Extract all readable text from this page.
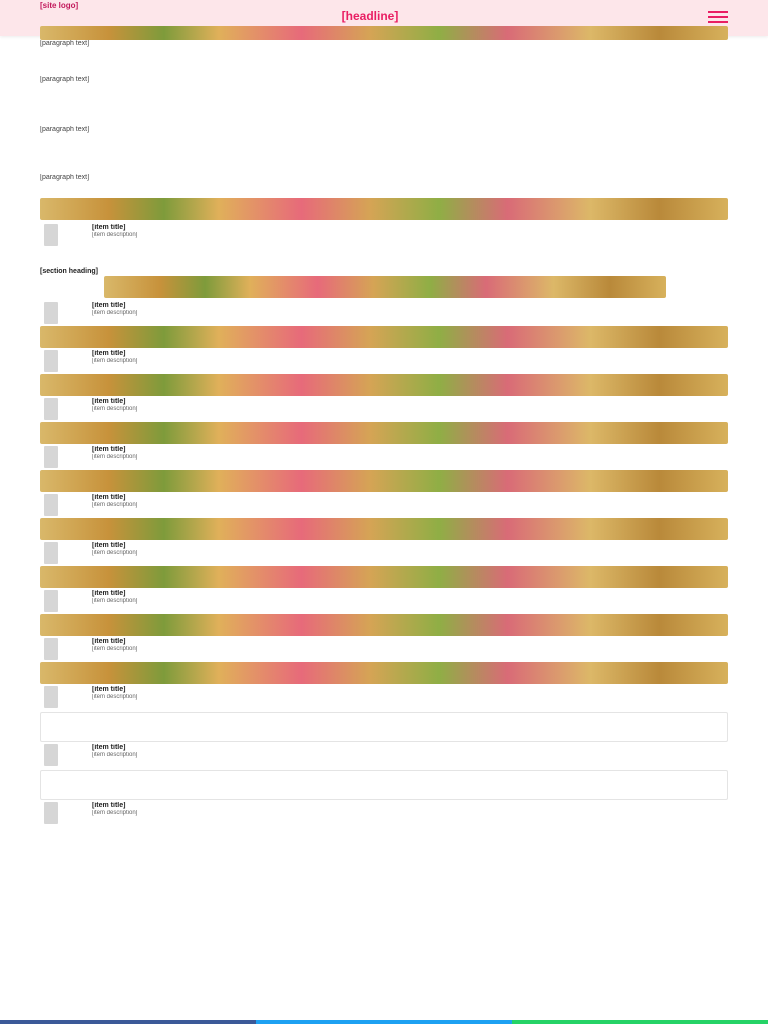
[site logo]
[headline]

[paragraph text]

[paragraph text]

[paragraph text]

[paragraph text]

[item title]
[item description]
[section heading]
[item title]
[item description]
[item title]
[item description]
[item title]
[item description]
[item title]
[item description]
[item title]
[item description]
[item title]
[item description]
[item title]
[item description]
[item title]
[item description]
[item title]
[item description]
[item title]
[item description]
[item title]
[item description]
